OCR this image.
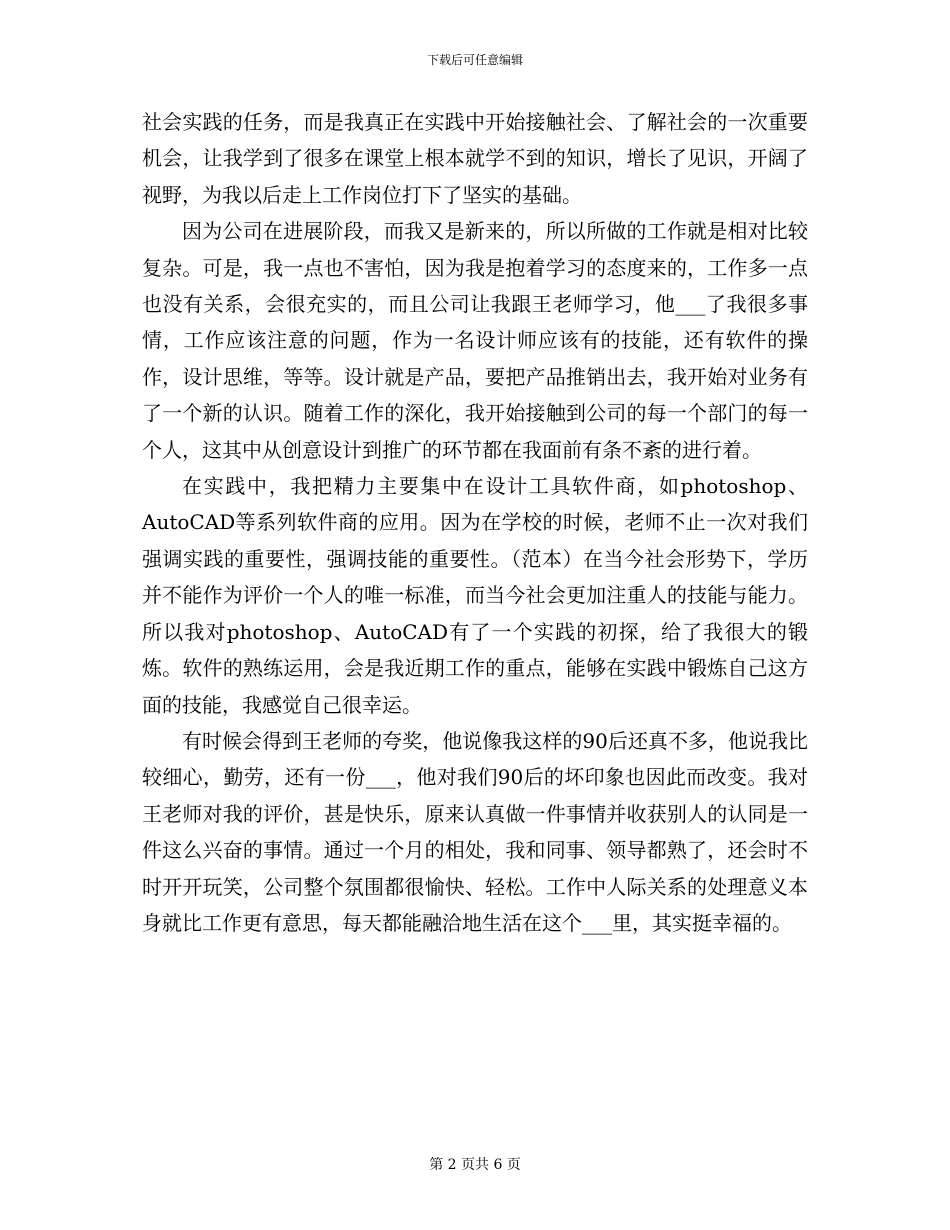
下载后可任意编辑

社会实践的任务，而是我真正在实践中开始接触社会、了解社会的一次重要机会，让我学到了很多在课堂上根本就学不到的知识，增长了见识，开阔了视野，为我以后走上工作岗位打下了坚实的基础。

因为公司在进展阶段，而我又是新来的，所以所做的工作就是相对比较复杂。可是，我一点也不害怕，因为我是抱着学习的态度来的，工作多一点也没有关系，会很充实的，而且公司让我跟王老师学习，他___了我很多事情，工作应该注意的问题，作为一名设计师应该有的技能，还有软件的操作，设计思维，等等。设计就是产品，要把产品推销出去，我开始对业务有了一个新的认识。随着工作的深化，我开始接触到公司的每一个部门的每一个人，这其中从创意设计到推广的环节都在我面前有条不紊的进行着。

在实践中，我把精力主要集中在设计工具软件商，如photoshop、AutoCAD等系列软件商的应用。因为在学校的时候，老师不止一次对我们强调实践的重要性，强调技能的重要性。（范本）在当今社会形势下，学历并不能作为评价一个人的唯一标准，而当今社会更加注重人的技能与能力。所以我对photoshop、AutoCAD有了一个实践的初探，给了我很大的锻炼。软件的熟练运用，会是我近期工作的重点，能够在实践中锻炼自己这方面的技能，我感觉自己很幸运。

有时候会得到王老师的夸奖，他说像我这样的90后还真不多，他说我比较细心，勤劳，还有一份___，他对我们90后的坏印象也因此而改变。我对王老师对我的评价，甚是快乐，原来认真做一件事情并收获别人的认同是一件这么兴奋的事情。通过一个月的相处，我和同事、领导都熟了，还会时不时开开玩笑，公司整个氛围都很愉快、轻松。工作中人际关系的处理意义本身就比工作更有意思，每天都能融洽地生活在这个___里，其实挺幸福的。

第 2 页共 6 页
